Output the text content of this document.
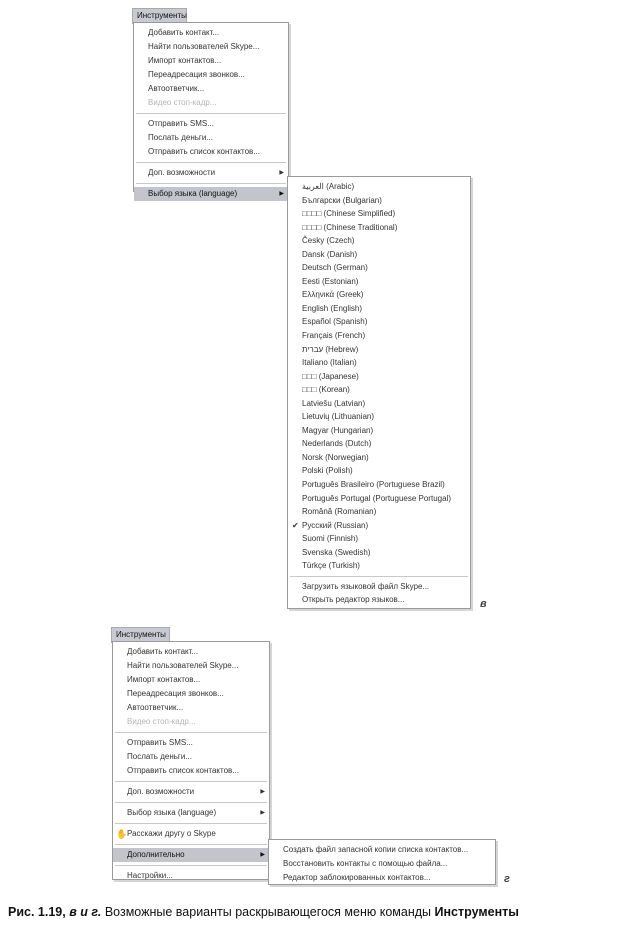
Инструменты
Добавить контакт...
Найти пользователей Skype...
Импорт контактов...
Переадресация звонков...
Автоответчик...
Видео стоп-кадр...
Отправить SMS...
Послать деньги...
Отправить список контактов...
Доп. возможности	▶
Выбор языка (language)	▶
العربية (Arabic)
Български (Bulgarian)
□□□□ (Chinese Simplified)
□□□□ (Chinese Traditional)
Česky (Czech)
Dansk (Danish)
Deutsch (German)
Eesti (Estonian)
Ελληνικά (Greek)
English (English)
Español (Spanish)
Français (French)
עברית (Hebrew)
Italiano (Italian)
□□□ (Japanese)
□□□ (Korean)
Latviešu (Latvian)
Lietuvių (Lithuanian)
Magyar (Hungarian)
Nederlands (Dutch)
Norsk (Norwegian)
Polski (Polish)
Português Brasileiro (Portuguese Brazil)
Português Portugal (Portuguese Portugal)
Română (Romanian)
✔ Русский (Russian)
Suomi (Finnish)
Svenska (Swedish)
Türkçe (Turkish)
Загрузить языковой файл Skype...
Открыть редактор языков...	в
Инструменты
Добавить контакт...
Найти пользователей Skype...
Импорт контактов...
Переадресация звонков...
Автоответчик...
Видео стоп-кадр...
Отправить SMS...
Послать деньги...
Отправить список контактов...
Доп. возможности	▶
Выбор языка (language)	▶
✋ Расскажи другу о Skype
Дополнительно	▶
Настройки...
Создать файл запасной копии списка контактов...
Восстановить контакты с помощью файла...
Редактор заблокированных контактов...	г
Рис. 1.19, в и г. Возможные варианты раскрывающегося меню команды Инструменты
